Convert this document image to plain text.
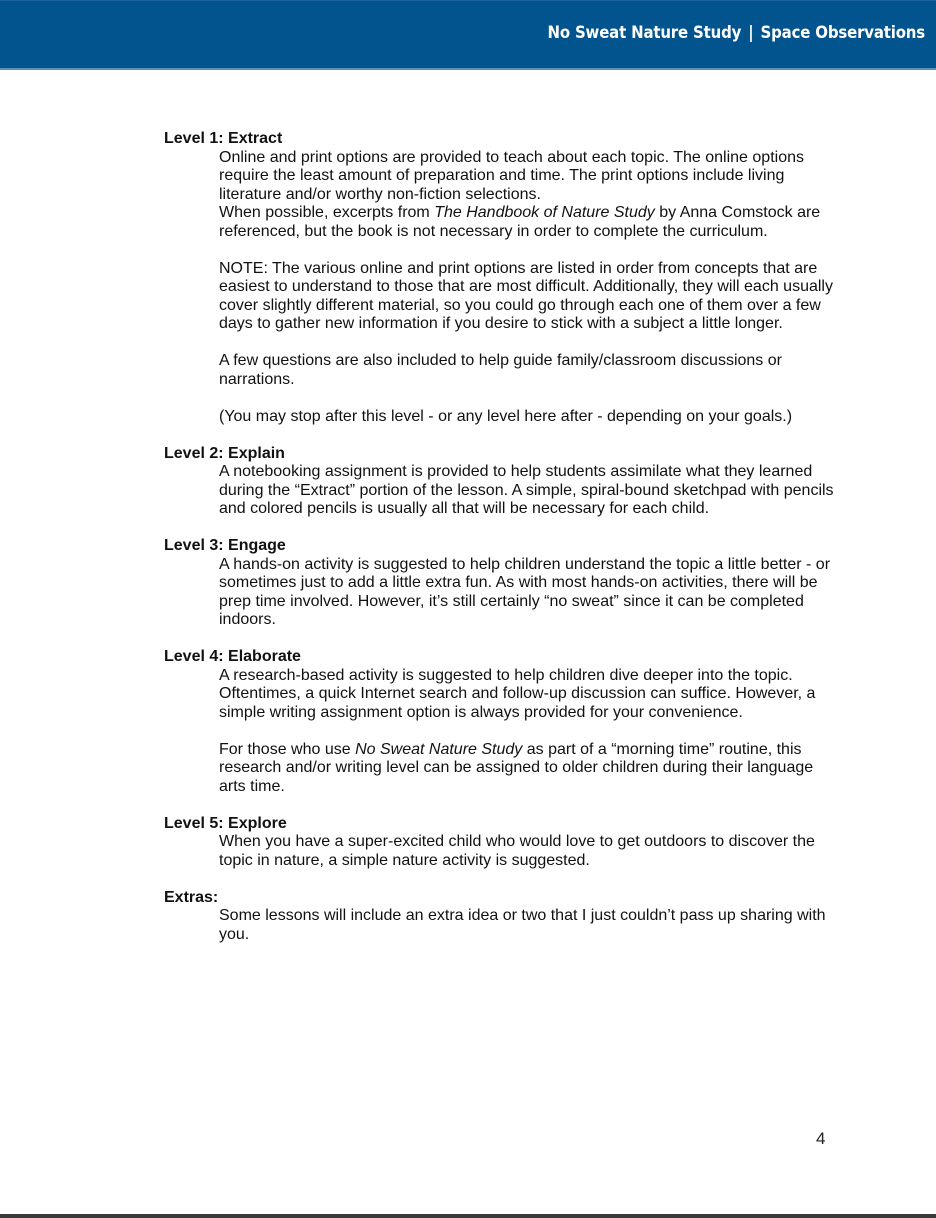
No Sweat Nature Study | Space Observations
Level 1: Extract
Online and print options are provided to teach about each topic. The online options require the least amount of preparation and time. The print options include living literature and/or worthy non-fiction selections.
When possible, excerpts from The Handbook of Nature Study by Anna Comstock are referenced, but the book is not necessary in order to complete the curriculum.
NOTE: The various online and print options are listed in order from concepts that are easiest to understand to those that are most difficult. Additionally, they will each usually cover slightly different material, so you could go through each one of them over a few days to gather new information if you desire to stick with a subject a little longer.
A few questions are also included to help guide family/classroom discussions or narrations.
(You may stop after this level - or any level here after - depending on your goals.)
Level 2: Explain
A notebooking assignment is provided to help students assimilate what they learned during the “Extract” portion of the lesson. A simple, spiral-bound sketchpad with pencils and colored pencils is usually all that will be necessary for each child.
Level 3: Engage
A hands-on activity is suggested to help children understand the topic a little better - or sometimes just to add a little extra fun. As with most hands-on activities, there will be prep time involved. However, it’s still certainly “no sweat” since it can be completed indoors.
Level 4: Elaborate
A research-based activity is suggested to help children dive deeper into the topic. Oftentimes, a quick Internet search and follow-up discussion can suffice. However, a simple writing assignment option is always provided for your convenience.
For those who use No Sweat Nature Study as part of a “morning time” routine, this research and/or writing level can be assigned to older children during their language arts time.
Level 5: Explore
When you have a super-excited child who would love to get outdoors to discover the topic in nature, a simple nature activity is suggested.
Extras:
Some lessons will include an extra idea or two that I just couldn’t pass up sharing with you.
4
